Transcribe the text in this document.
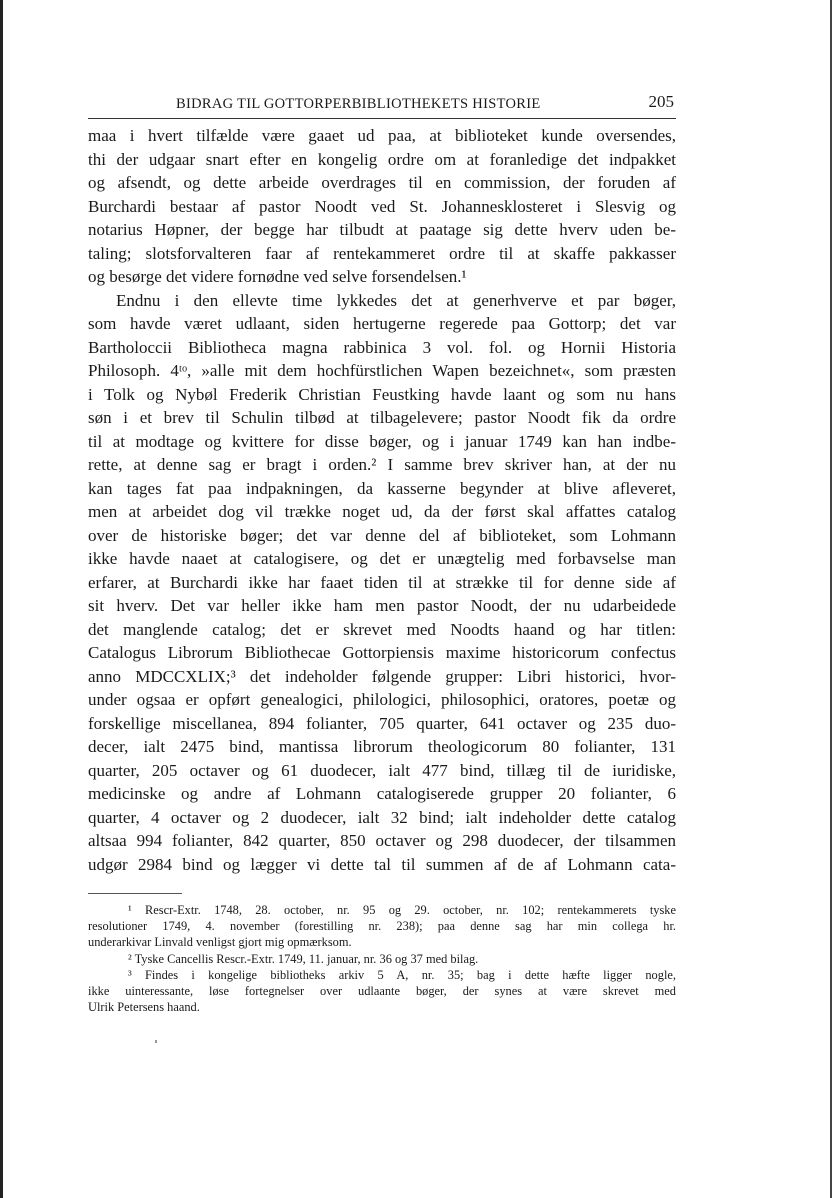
BIDRAG TIL GOTTORPERBIBLIOTHEKETS HISTORIE	205
maa i hvert tilfælde være gaaet ud paa, at biblioteket kunde oversendes,
thi der udgaar snart efter en kongelig ordre om at foranledige det indpakket
og afsendt, og dette arbeide overdrages til en commission, der foruden af
Burchardi bestaar af pastor Noodt ved St. Johannesklosteret i Slesvig og
notarius Høpner, der begge har tilbudt at paatage sig dette hverv uden be-
taling; slotsforvalteren faar af rentekammeret ordre til at skaffe pakkasser
og besørge det videre fornødne ved selve forsendelsen.¹
Endnu i den ellevte time lykkedes det at generhverve et par bøger,
som havde været udlaant, siden hertugerne regerede paa Gottorp; det var
Bartholoccii Bibliotheca magna rabbinica 3 vol. fol. og Hornii Historia
Philosoph. 4ᵗᵒ, »alle mit dem hochfürstlichen Wapen bezeichnet«, som præsten
i Tolk og Nybøl Frederik Christian Feustking havde laant og som nu hans
søn i et brev til Schulin tilbød at tilbagelevere; pastor Noodt fik da ordre
til at modtage og kvittere for disse bøger, og i januar 1749 kan han indbe-
rette, at denne sag er bragt i orden.² I samme brev skriver han, at der nu
kan tages fat paa indpakningen, da kasserne begynder at blive afleveret,
men at arbeidet dog vil trække noget ud, da der først skal affattes catalog
over de historiske bøger; det var denne del af biblioteket, som Lohmann
ikke havde naaet at catalogisere, og det er unægtelig med forbavselse man
erfarer, at Burchardi ikke har faaet tiden til at strække til for denne side af
sit hverv. Det var heller ikke ham men pastor Noodt, der nu udarbeidede
det manglende catalog; det er skrevet med Noodts haand og har titlen:
Catalogus Librorum Bibliothecae Gottorpiensis maxime historicorum confectus
anno MDCCXLIX;³ det indeholder følgende grupper: Libri historici, hvor-
under ogsaa er opført genealogici, philologici, philosophici, oratores, poetæ og
forskellige miscellanea, 894 folianter, 705 quarter, 641 octaver og 235 duo-
decer, ialt 2475 bind, mantissa librorum theologicorum 80 folianter, 131
quarter, 205 octaver og 61 duodecer, ialt 477 bind, tillæg til de iuridiske,
medicinske og andre af Lohmann catalogiserede grupper 20 folianter, 6
quarter, 4 octaver og 2 duodecer, ialt 32 bind; ialt indeholder dette catalog
altsaa 994 folianter, 842 quarter, 850 octaver og 298 duodecer, der tilsammen
udgør 2984 bind og lægger vi dette tal til summen af de af Lohmann cata-
¹ Rescr-Extr. 1748, 28. october, nr. 95 og 29. october, nr. 102; rentekammerets tyske
resolutioner 1749, 4. november (forestilling nr. 238); paa denne sag har min collega hr.
underarkivar Linvald venligst gjort mig opmærksom.
² Tyske Cancellis Rescr.-Extr. 1749, 11. januar, nr. 36 og 37 med bilag.
³ Findes i kongelige bibliotheks arkiv 5 A, nr. 35; bag i dette hæfte ligger nogle,
ikke uinteressante, løse fortegnelser over udlaante bøger, der synes at være skrevet med
Ulrik Petersens haand.
